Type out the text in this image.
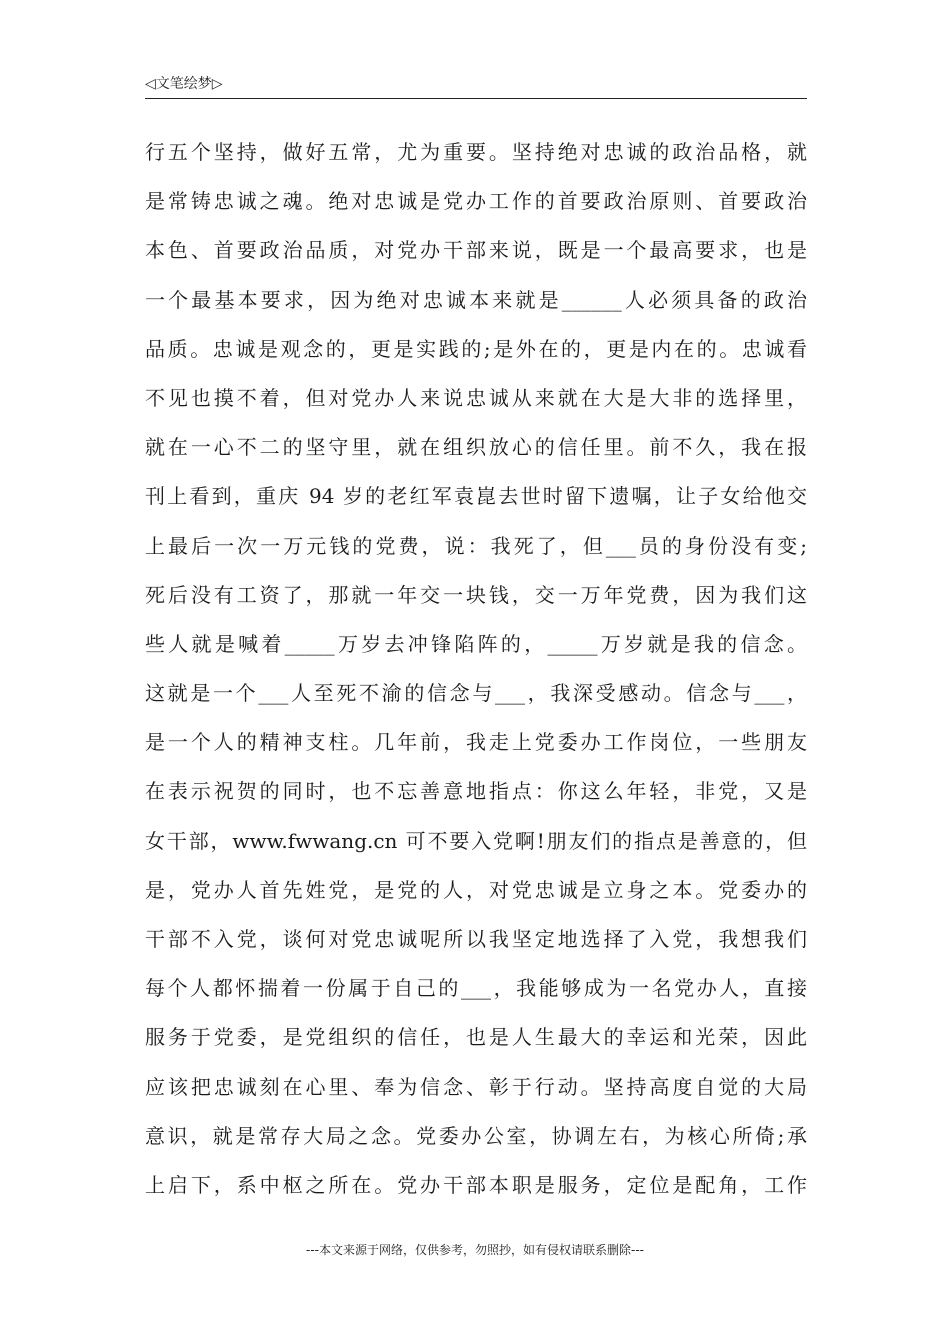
◁文笔绘梦▷
行五个坚持，做好五常，尤为重要。坚持绝对忠诚的政治品格，就
是常铸忠诚之魂。绝对忠诚是党办工作的首要政治原则、首要政治
本色、首要政治品质，对党办干部来说，既是一个最高要求，也是
一个最基本要求，因为绝对忠诚本来就是______人必须具备的政治
品质。忠诚是观念的，更是实践的;是外在的，更是内在的。忠诚看
不见也摸不着，但对党办人来说忠诚从来就在大是大非的选择里，
就在一心不二的坚守里，就在组织放心的信任里。前不久，我在报
刊上看到，重庆 94 岁的老红军袁崑去世时留下遗嘱，让子女给他交
上最后一次一万元钱的党费，说：我死了，但___员的身份没有变;
死后没有工资了，那就一年交一块钱，交一万年党费，因为我们这
些人就是喊着_____万岁去冲锋陷阵的，_____万岁就是我的信念。
这就是一个___人至死不渝的信念与___，我深受感动。信念与___，
是一个人的精神支柱。几年前，我走上党委办工作岗位，一些朋友
在表示祝贺的同时，也不忘善意地指点：你这么年轻，非党，又是
女干部，www.fwwang.cn 可不要入党啊!朋友们的指点是善意的，但
是，党办人首先姓党，是党的人，对党忠诚是立身之本。党委办的
干部不入党，谈何对党忠诚呢所以我坚定地选择了入党，我想我们
每个人都怀揣着一份属于自己的___，我能够成为一名党办人，直接
服务于党委，是党组织的信任，也是人生最大的幸运和光荣，因此
应该把忠诚刻在心里、奉为信念、彰于行动。坚持高度自觉的大局
意识，就是常存大局之念。党委办公室，协调左右，为核心所倚;承
上启下，系中枢之所在。党办干部本职是服务，定位是配角，工作
---本文来源于网络，仅供参考，勿照抄，如有侵权请联系删除---
